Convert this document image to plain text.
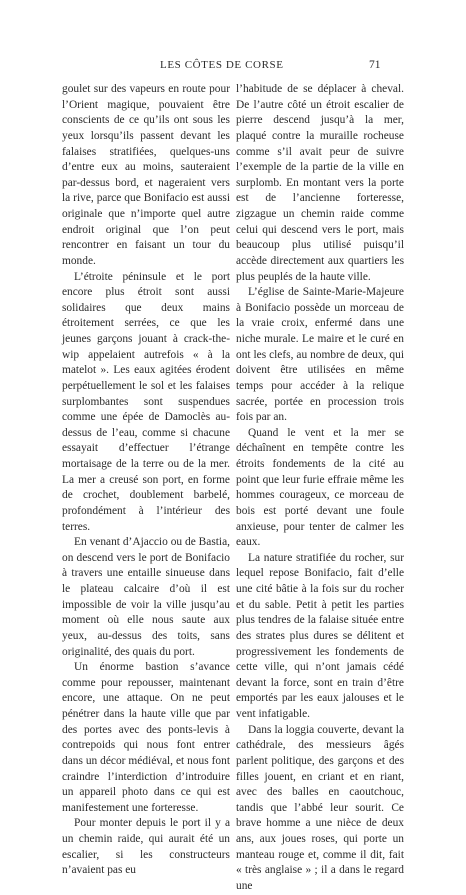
LES CÔTES DE CORSE	71

goulet sur des vapeurs en route pour l’Orient magique, pouvaient être conscients de ce qu’ils ont sous les yeux lorsqu’ils passent devant les falaises stratifiées, quelques-uns d’entre eux au moins, sauteraient par-dessus bord, et nageraient vers la rive, parce que Bonifacio est aussi originale que n’importe quel autre endroit original que l’on peut rencontrer en faisant un tour du monde.

L’étroite péninsule et le port encore plus étroit sont aussi solidaires que deux mains étroitement serrées, ce que les jeunes garçons jouant à crack-the-wip appelaient autrefois « à la matelot ». Les eaux agitées érodent perpétuellement le sol et les falaises surplombantes sont suspendues comme une épée de Damoclès au-dessus de l’eau, comme si chacune essayait d’effectuer l’étrange mortaisage de la terre ou de la mer. La mer a creusé son port, en forme de crochet, doublement barbelé, profondément à l’intérieur des terres.

En venant d’Ajaccio ou de Bastia, on descend vers le port de Bonifacio à travers une entaille sinueuse dans le plateau calcaire d’où il est impossible de voir la ville jusqu’au moment où elle nous saute aux yeux, au-dessus des toits, sans originalité, des quais du port.

Un énorme bastion s’avance comme pour repousser, maintenant encore, une attaque. On ne peut pénétrer dans la haute ville que par des portes avec des ponts-levis à contrepoids qui nous font entrer dans un décor médiéval, et nous font craindre l’interdiction d’introduire un appareil photo dans ce qui est manifestement une forteresse.

Pour monter depuis le port il y a un chemin raide, qui aurait été un escalier, si les constructeurs n’avaient pas eu

l’habitude de se déplacer à cheval. De l’autre côté un étroit escalier de pierre descend jusqu’à la mer, plaqué contre la muraille rocheuse comme s’il avait peur de suivre l’exemple de la partie de la ville en surplomb. En montant vers la porte est de l’ancienne forteresse, zigzague un chemin raide comme celui qui descend vers le port, mais beaucoup plus utilisé puisqu’il accède directement aux quartiers les plus peuplés de la haute ville.

L’église de Sainte-Marie-Majeure à Bonifacio possède un morceau de la vraie croix, enfermé dans une niche murale. Le maire et le curé en ont les clefs, au nombre de deux, qui doivent être utilisées en même temps pour accéder à la relique sacrée, portée en procession trois fois par an.

Quand le vent et la mer se déchaînent en tempête contre les étroits fondements de la cité au point que leur furie effraie même les hommes courageux, ce morceau de bois est porté devant une foule anxieuse, pour tenter de calmer les eaux.

La nature stratifiée du rocher, sur lequel repose Bonifacio, fait d’elle une cité bâtie à la fois sur du rocher et du sable. Petit à petit les parties plus tendres de la falaise située entre des strates plus dures se délitent et progressivement les fondements de cette ville, qui n’ont jamais cédé devant la force, sont en train d’être emportés par les eaux jalouses et le vent infatigable.

Dans la loggia couverte, devant la cathédrale, des messieurs âgés parlent politique, des garçons et des filles jouent, en criant et en riant, avec des balles en caoutchouc, tandis que l’abbé leur sourit. Ce brave homme a une nièce de deux ans, aux joues roses, qui porte un manteau rouge et, comme il dit, fait « très anglaise » ; il a dans le regard une
